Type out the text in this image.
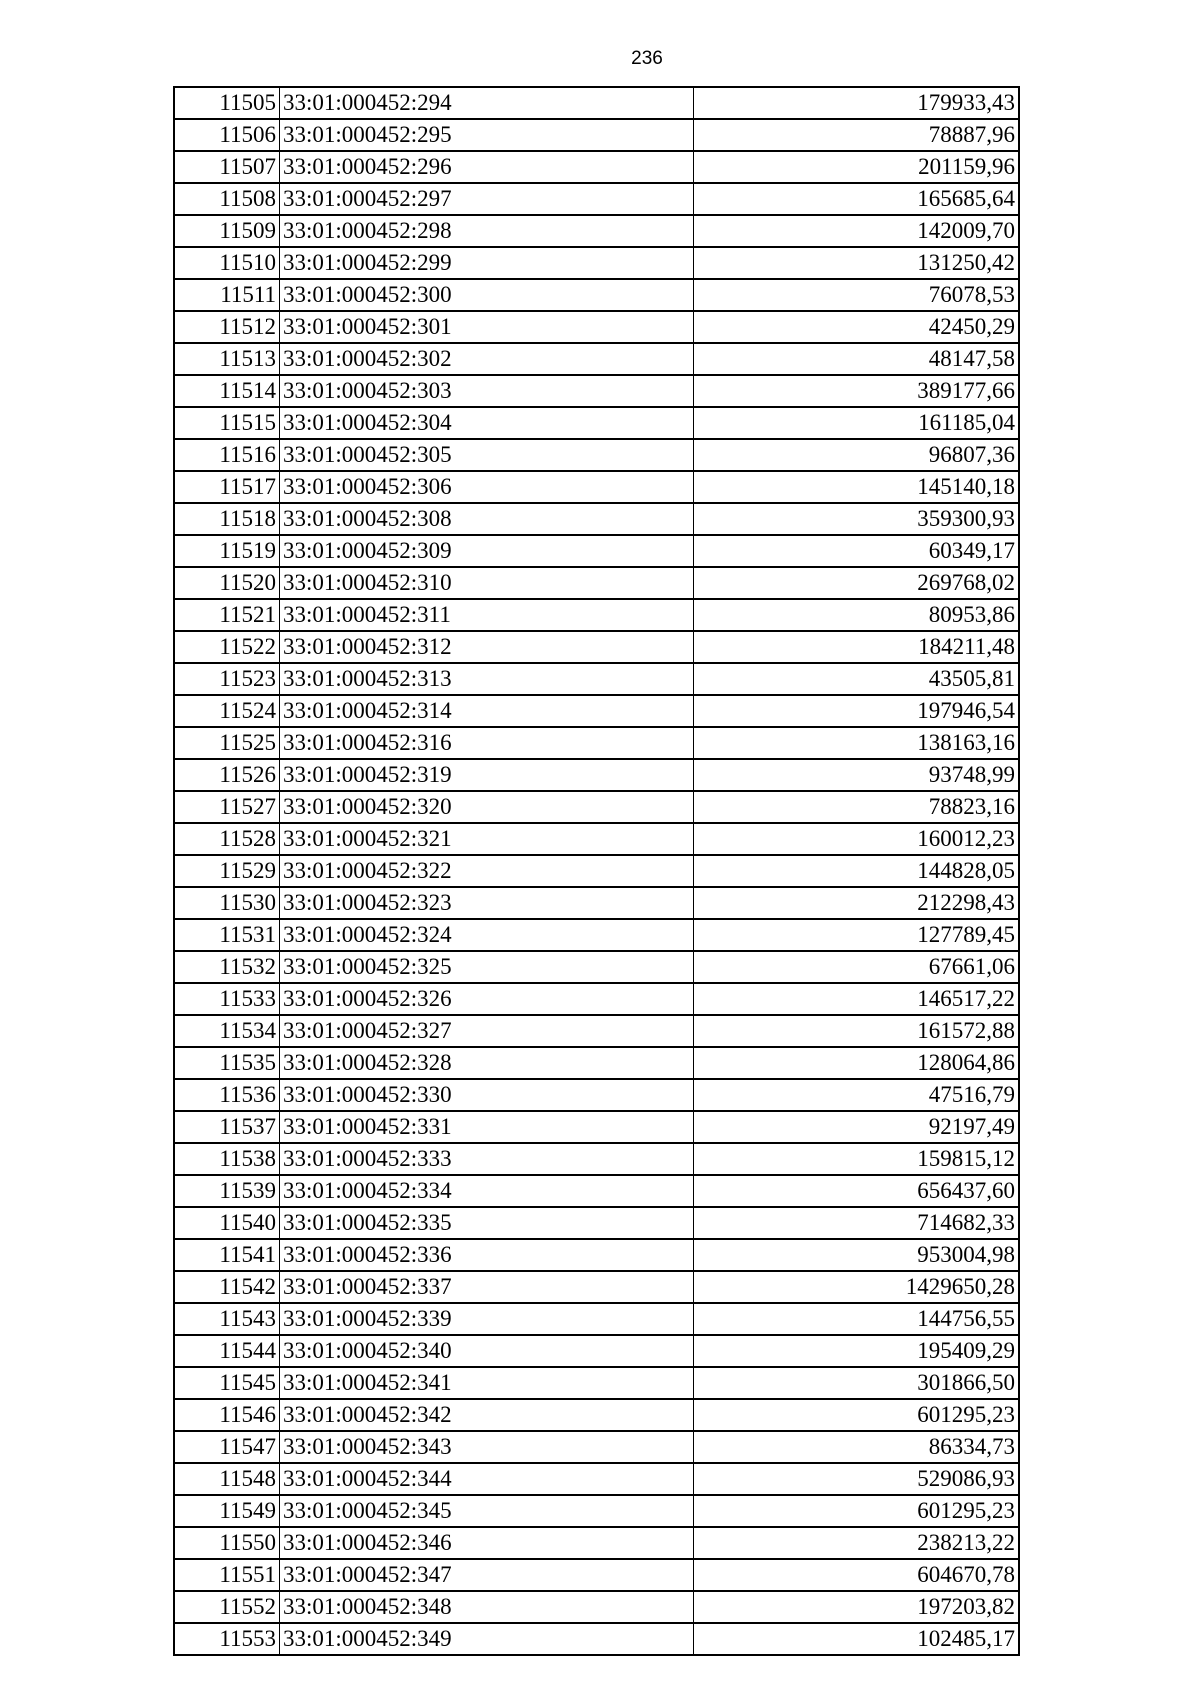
236
11505	33:01:000452:294	179933,43
11506	33:01:000452:295	78887,96
11507	33:01:000452:296	201159,96
11508	33:01:000452:297	165685,64
11509	33:01:000452:298	142009,70
11510	33:01:000452:299	131250,42
11511	33:01:000452:300	76078,53
11512	33:01:000452:301	42450,29
11513	33:01:000452:302	48147,58
11514	33:01:000452:303	389177,66
11515	33:01:000452:304	161185,04
11516	33:01:000452:305	96807,36
11517	33:01:000452:306	145140,18
11518	33:01:000452:308	359300,93
11519	33:01:000452:309	60349,17
11520	33:01:000452:310	269768,02
11521	33:01:000452:311	80953,86
11522	33:01:000452:312	184211,48
11523	33:01:000452:313	43505,81
11524	33:01:000452:314	197946,54
11525	33:01:000452:316	138163,16
11526	33:01:000452:319	93748,99
11527	33:01:000452:320	78823,16
11528	33:01:000452:321	160012,23
11529	33:01:000452:322	144828,05
11530	33:01:000452:323	212298,43
11531	33:01:000452:324	127789,45
11532	33:01:000452:325	67661,06
11533	33:01:000452:326	146517,22
11534	33:01:000452:327	161572,88
11535	33:01:000452:328	128064,86
11536	33:01:000452:330	47516,79
11537	33:01:000452:331	92197,49
11538	33:01:000452:333	159815,12
11539	33:01:000452:334	656437,60
11540	33:01:000452:335	714682,33
11541	33:01:000452:336	953004,98
11542	33:01:000452:337	1429650,28
11543	33:01:000452:339	144756,55
11544	33:01:000452:340	195409,29
11545	33:01:000452:341	301866,50
11546	33:01:000452:342	601295,23
11547	33:01:000452:343	86334,73
11548	33:01:000452:344	529086,93
11549	33:01:000452:345	601295,23
11550	33:01:000452:346	238213,22
11551	33:01:000452:347	604670,78
11552	33:01:000452:348	197203,82
11553	33:01:000452:349	102485,17
